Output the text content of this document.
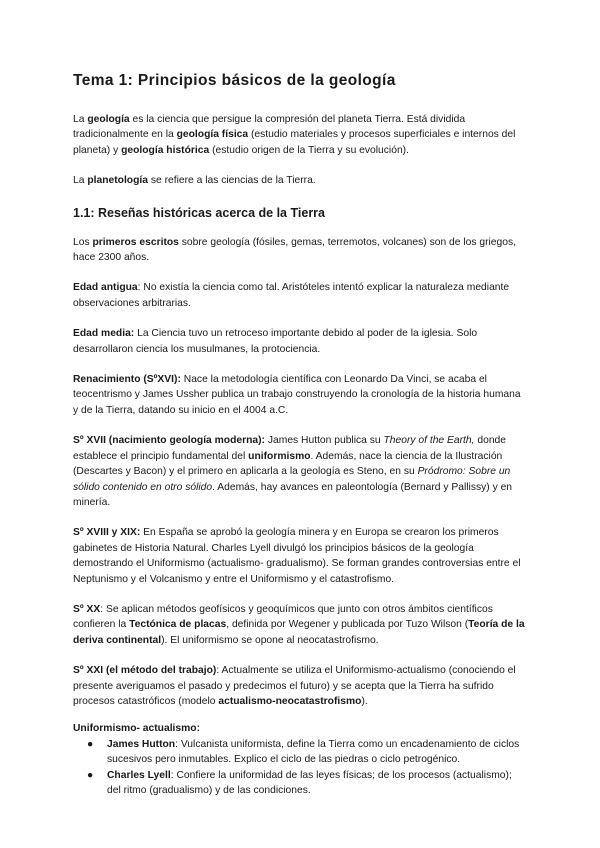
Tema 1: Principios básicos de la geología

La geología es la ciencia que persigue la compresión del planeta Tierra. Está dividida tradicionalmente en la geología física (estudio materiales y procesos superficiales e internos del planeta) y geología histórica (estudio origen de la Tierra y su evolución).

La planetología se refiere a las ciencias de la Tierra.

1.1: Reseñas históricas acerca de la Tierra

Los primeros escritos sobre geología (fósiles, gemas, terremotos, volcanes) son de los griegos, hace 2300 años.

Edad antigua: No existía la ciencia como tal. Aristóteles intentó explicar la naturaleza mediante observaciones arbitrarias.

Edad media: La Ciencia tuvo un retroceso importante debido al poder de la iglesia. Solo desarrollaron ciencia los musulmanes, la protociencia.

Renacimiento (SºXVI): Nace la metodología científica con Leonardo Da Vinci, se acaba el teocentrismo y James Ussher publica un trabajo construyendo la cronología de la historia humana y de la Tierra, datando su inicio en el 4004 a.C.

Sº XVII (nacimiento geología moderna): James Hutton publica su Theory of the Earth, donde establece el principio fundamental del uniformismo. Además, nace la ciencia de la Ilustración (Descartes y Bacon) y el primero en aplicarla a la geología es Steno, en su Pródromo: Sobre un sólido contenido en otro sólido. Además, hay avances en paleontología (Bernard y Pallissy) y en minería.

Sº XVIII y XIX: En España se aprobó la geología minera y en Europa se crearon los primeros gabinetes de Historia Natural. Charles Lyell divulgó los principios básicos de la geología demostrando el Uniformismo (actualismo- gradualismo). Se forman grandes controversias entre el Neptunismo y el Volcanismo y entre el Uniformismo y el catastrofismo.

Sº XX: Se aplican métodos geofísicos y geoquímicos que junto con otros ámbitos científicos confieren la Tectónica de placas, definida por Wegener y publicada por Tuzo Wilson (Teoría de la deriva continental). El uniformismo se opone al neocatastrofismo.

Sº XXI (el método del trabajo): Actualmente se utiliza el Uniformismo-actualismo (conociendo el presente averiguamos el pasado y predecimos el futuro) y se acepta que la Tierra ha sufrido procesos catastróficos (modelo actualismo-neocatastrofismo).

Uniformismo- actualismo:
● James Hutton: Vulcanista uniformista, define la Tierra como un encadenamiento de ciclos sucesivos pero inmutables. Explico el ciclo de las piedras o ciclo petrogénico.
● Charles Lyell: Confiere la uniformidad de las leyes físicas; de los procesos (actualismo); del ritmo (gradualismo) y de las condiciones.
